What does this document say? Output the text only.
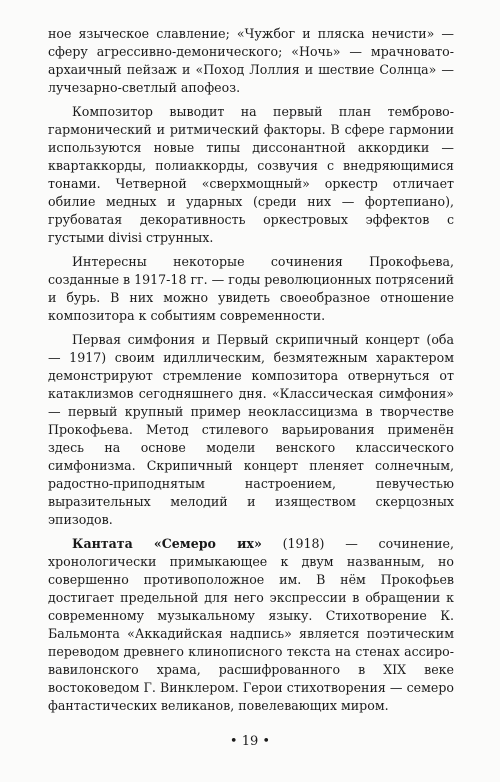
ное языческое славление; «Чужбог и пляска нечисти» — сферу агрессивно-демонического; «Ночь» — мрачновато-архаичный пейзаж и «Поход Лоллия и шествие Солнца» — лучезарно-светлый апофеоз.

Композитор выводит на первый план темброво-гармонический и ритмический факторы. В сфере гармонии используются новые типы диссонантной аккордики — квартаккорды, полиаккорды, созвучия с внедряющимися тонами. Четверной «сверхмощный» оркестр отличает обилие медных и ударных (среди них — фортепиано), грубоватая декоративность оркестровых эффектов с густыми divisi струнных.

Интересны некоторые сочинения Прокофьева, созданные в 1917-18 гг. — годы революционных потрясений и бурь. В них можно увидеть своеобразное отношение композитора к событиям современности.

Первая симфония и Первый скрипичный концерт (оба — 1917) своим идиллическим, безмятежным характером демонстрируют стремление композитора отвернуться от катаклизмов сегодняшнего дня. «Классическая симфония» — первый крупный пример неоклассицизма в творчестве Прокофьева. Метод стилевого варьирования применён здесь на основе модели венского классического симфонизма. Скрипичный концерт пленяет солнечным, радостно-приподнятым настроением, певучестью выразительных мелодий и изяществом скерцозных эпизодов.

Кантата «Семеро их» (1918) — сочинение, хронологически примыкающее к двум названным, но совершенно противоположное им. В нём Прокофьев достигает предельной для него экспрессии в обращении к современному музыкальному языку. Стихотворение К. Бальмонта «Аккадийская надпись» является поэтическим переводом древнего клинописного текста на стенах ассиро-вавилонского храма, расшифрованного в XIX веке востоковедом Г. Винклером. Герои стихотворения — семеро фантастических великанов, повелевающих миром.

• 19 •
